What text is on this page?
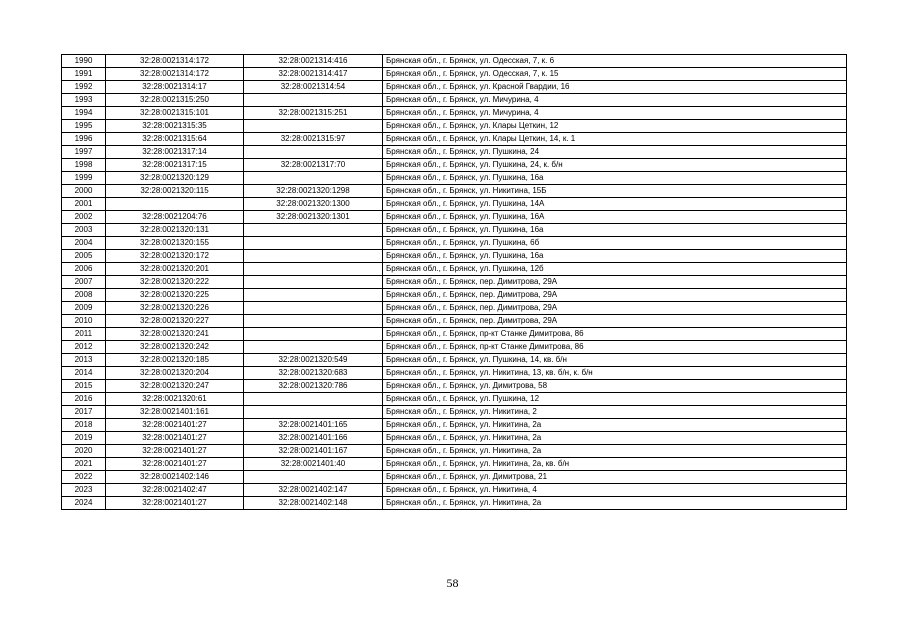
1990	32:28:0021314:172	32:28:0021314:416	Брянская обл., г. Брянск, ул. Одесская, 7, к. 6
1991	32:28:0021314:172	32:28:0021314:417	Брянская обл., г. Брянск, ул. Одесская, 7, к. 15
1992	32:28:0021314:17	32:28:0021314:54	Брянская обл., г. Брянск, ул. Красной Гвардии, 16
1993	32:28:0021315:250		Брянская обл., г. Брянск, ул. Мичурина, 4
1994	32:28:0021315:101	32:28:0021315:251	Брянская обл., г. Брянск, ул. Мичурина, 4
1995	32:28:0021315:35		Брянская обл., г. Брянск, ул. Клары Цеткин, 12
1996	32:28:0021315:64	32:28:0021315:97	Брянская обл., г. Брянск, ул. Клары Цеткин, 14, к. 1
1997	32:28:0021317:14		Брянская обл., г. Брянск, ул. Пушкина, 24
1998	32:28:0021317:15	32:28:0021317:70	Брянская обл., г. Брянск, ул. Пушкина, 24, к. б/н
1999	32:28:0021320:129		Брянская обл., г. Брянск, ул. Пушкина, 16а
2000	32:28:0021320:115	32:28:0021320:1298	Брянская обл., г. Брянск, ул. Никитина, 15Б
2001		32:28:0021320:1300	Брянская обл., г. Брянск, ул. Пушкина, 14А
2002	32:28:0021204:76	32:28:0021320:1301	Брянская обл., г. Брянск, ул. Пушкина, 16А
2003	32:28:0021320:131		Брянская обл., г. Брянск, ул. Пушкина, 16а
2004	32:28:0021320:155		Брянская обл., г. Брянск, ул. Пушкина, 6б
2005	32:28:0021320:172		Брянская обл., г. Брянск, ул. Пушкина, 16а
2006	32:28:0021320:201		Брянская обл., г. Брянск, ул. Пушкина, 12б
2007	32:28:0021320:222		Брянская обл., г. Брянск, пер. Димитрова, 29А
2008	32:28:0021320:225		Брянская обл., г. Брянск, пер. Димитрова, 29А
2009	32:28:0021320:226		Брянская обл., г. Брянск, пер. Димитрова, 29А
2010	32:28:0021320:227		Брянская обл., г. Брянск, пер. Димитрова, 29А
2011	32:28:0021320:241		Брянская обл., г. Брянск, пр-кт Станке Димитрова, 86
2012	32:28:0021320:242		Брянская обл., г. Брянск, пр-кт Станке Димитрова, 86
2013	32:28:0021320:185	32:28:0021320:549	Брянская обл., г. Брянск, ул. Пушкина, 14, кв. б/н
2014	32:28:0021320:204	32:28:0021320:683	Брянская обл., г. Брянск, ул. Никитина, 13, кв. б/н, к. б/н
2015	32:28:0021320:247	32:28:0021320:786	Брянская обл., г. Брянск, ул. Димитрова, 58
2016	32:28:0021320:61		Брянская обл., г. Брянск, ул. Пушкина, 12
2017	32:28:0021401:161		Брянская обл., г. Брянск, ул. Никитина, 2
2018	32:28:0021401:27	32:28:0021401:165	Брянская обл., г. Брянск, ул. Никитина, 2а
2019	32:28:0021401:27	32:28:0021401:166	Брянская обл., г. Брянск, ул. Никитина, 2а
2020	32:28:0021401:27	32:28:0021401:167	Брянская обл., г. Брянск, ул. Никитина, 2а
2021	32:28:0021401:27	32:28:0021401:40	Брянская обл., г. Брянск, ул. Никитина, 2а, кв. б/н
2022	32:28:0021402:146		Брянская обл., г. Брянск, ул. Димитрова, 21
2023	32:28:0021402:47	32:28:0021402:147	Брянская обл., г. Брянск, ул. Никитина, 4
2024	32:28:0021401:27	32:28:0021402:148	Брянская обл., г. Брянск, ул. Никитина, 2а
58
